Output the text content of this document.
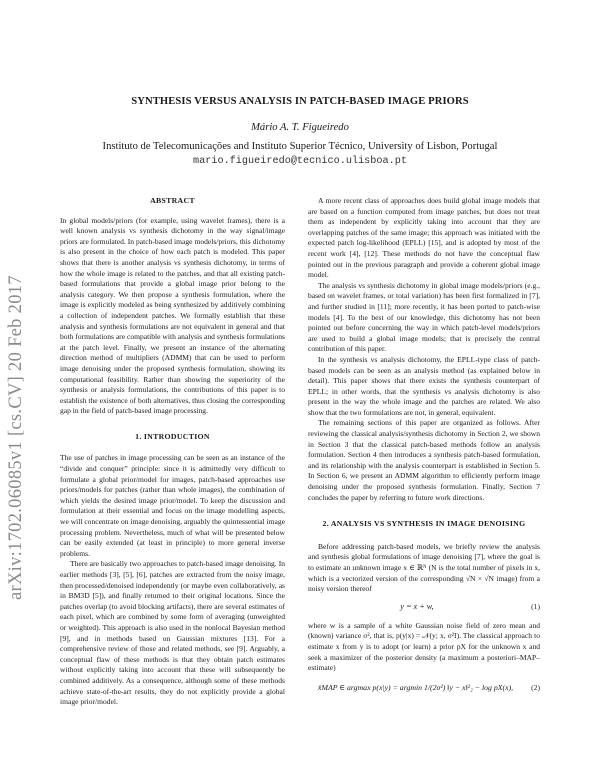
arXiv:1702.06085v1 [cs.CV] 20 Feb 2017
SYNTHESIS VERSUS ANALYSIS IN PATCH-BASED IMAGE PRIORS
Mário A. T. Figueiredo
Instituto de Telecomunicações and Instituto Superior Técnico, University of Lisbon, Portugal
mario.figueiredo@tecnico.ulisboa.pt
ABSTRACT

In global models/priors (for example, using wavelet frames), there is a well known analysis vs synthesis dichotomy in the way signal/image priors are formulated. In patch-based image models/priors, this dichotomy is also present in the choice of how each patch is modeled. This paper shows that there is another analysis vs synthesis dichotomy, in terms of how the whole image is related to the patches, and that all existing patch-based formulations that provide a global image prior belong to the analysis category. We then propose a synthesis formulation, where the image is explicitly modeled as being synthesized by additively combining a collection of independent patches. We formally establish that these analysis and synthesis formulations are not equivalent in general and that both formulations are compatible with analysis and synthesis formulations at the patch level. Finally, we present an instance of the alternating direction method of multipliers (ADMM) that can be used to perform image denoising under the proposed synthesis formulation, showing its computational feasibility. Rather than showing the superiority of the synthesis or analysis formulations, the contributions of this paper is to establish the existence of both alternatives, thus closing the corresponding gap in the field of patch-based image processing.

1. INTRODUCTION

The use of patches in image processing can be seen as an instance of the “divide and conquer” principle: since it is admittedly very difficult to formulate a global prior/model for images, patch-based approaches use priors/models for patches (rather than whole images), the combination of which yields the desired image prior/model. To keep the discussion and formulation at their essential and focus on the image modelling aspects, we will concentrate on image denoising, arguably the quintessential image processing problem. Nevertheless, much of what will be presented below can be easily extended (at least in principle) to more general inverse problems.

There are basically two approaches to patch-based image denoising. In earlier methods [3], [5], [6], patches are extracted from the noisy image, then processed/denoised independently (or maybe even collaboratively, as in BM3D [5]), and finally returned to their original locations. Since the patches overlap (to avoid blocking artifacts), there are several estimates of each pixel, which are combined by some form of averaging (unweighted or weighted). This approach is also used in the nonlocal Bayesian method [9], and in methods based on Gaussian mixtures [13]. For a comprehensive review of those and related methods, see [9]. Arguably, a conceptual flaw of these methods is that they obtain patch estimates without explicitly taking into account that these will subsequently be combined additively. As a consequence, although some of these methods achieve state-of-the-art results, they do not explicitly provide a global image prior/model.

A more recent class of approaches does build global image models that are based on a function computed from image patches, but does not treat them as independent by explicitly taking into account that they are overlapping patches of the same image; this approach was initiated with the expected patch log-likelihood (EPLL) [15], and is adopted by most of the recent work [4], [12]. These methods do not have the conceptual flaw pointed out in the previous paragraph and provide a coherent global image model.

The analysis vs synthesis dichotomy in global image models/priors (e.g., based on wavelet frames, or total variation) has been first formalized in [7], and further studied in [11]; more recently, it has been ported to patch-wise models [4]. To the best of our knowledge, this dichotomy has not been pointed out before concerning the way in which patch-level models/priors are used to build a global image models; that is precisely the central contribution of this paper.

In the synthesis vs analysis dichotomy, the EPLL-type class of patch-based models can be seen as an analysis method (as explained below in detail). This paper shows that there exists the synthesis counterpart of EPLL; in other words, that the synthesis vs analysis dichotomy is also present in the way the whole image and the patches are related. We also show that the two formulations are not, in general, equivalent.

The remaining sections of this paper are organized as follows. After reviewing the classical analysis/synthesis dichotomy in Section 2, we shown in Section 3 that the classical patch-based methods follow an analysis formulation. Section 4 then introduces a synthesis patch-based formulation, and its relationship with the analysis counterpart is established in Section 5. In Section 6, we present an ADMM algorithm to efficiently perform image denoising under the proposed synthesis formulation. Finally, Section 7 concludes the paper by referring to future work directions.

2. ANALYSIS VS SYNTHESIS IN IMAGE DENOISING

Before addressing patch-based models, we briefly review the analysis and synthesis global formulations of image denoising [7], where the goal is to estimate an unknown image x ∈ ℝᴺ (N is the total number of pixels in x, which is a vectorized version of the corresponding √N × √N image) from a noisy version thereof

y = x + w,	(1)

where w is a sample of a white Gaussian noise field of zero mean and (known) variance σ², that is, p(y|x) = 𝒩(y; x, σ²I). The classical approach to estimate x from y is to adopt (or learn) a prior pX for the unknown x and seek a maximizer of the posterior density (a maximum a posteriori–MAP–estimate)

x̂MAP ∈ argmax p(x|y) = argmin 1/(2σ²) ‖y − x‖²₂ − log pX(x),	(2)
